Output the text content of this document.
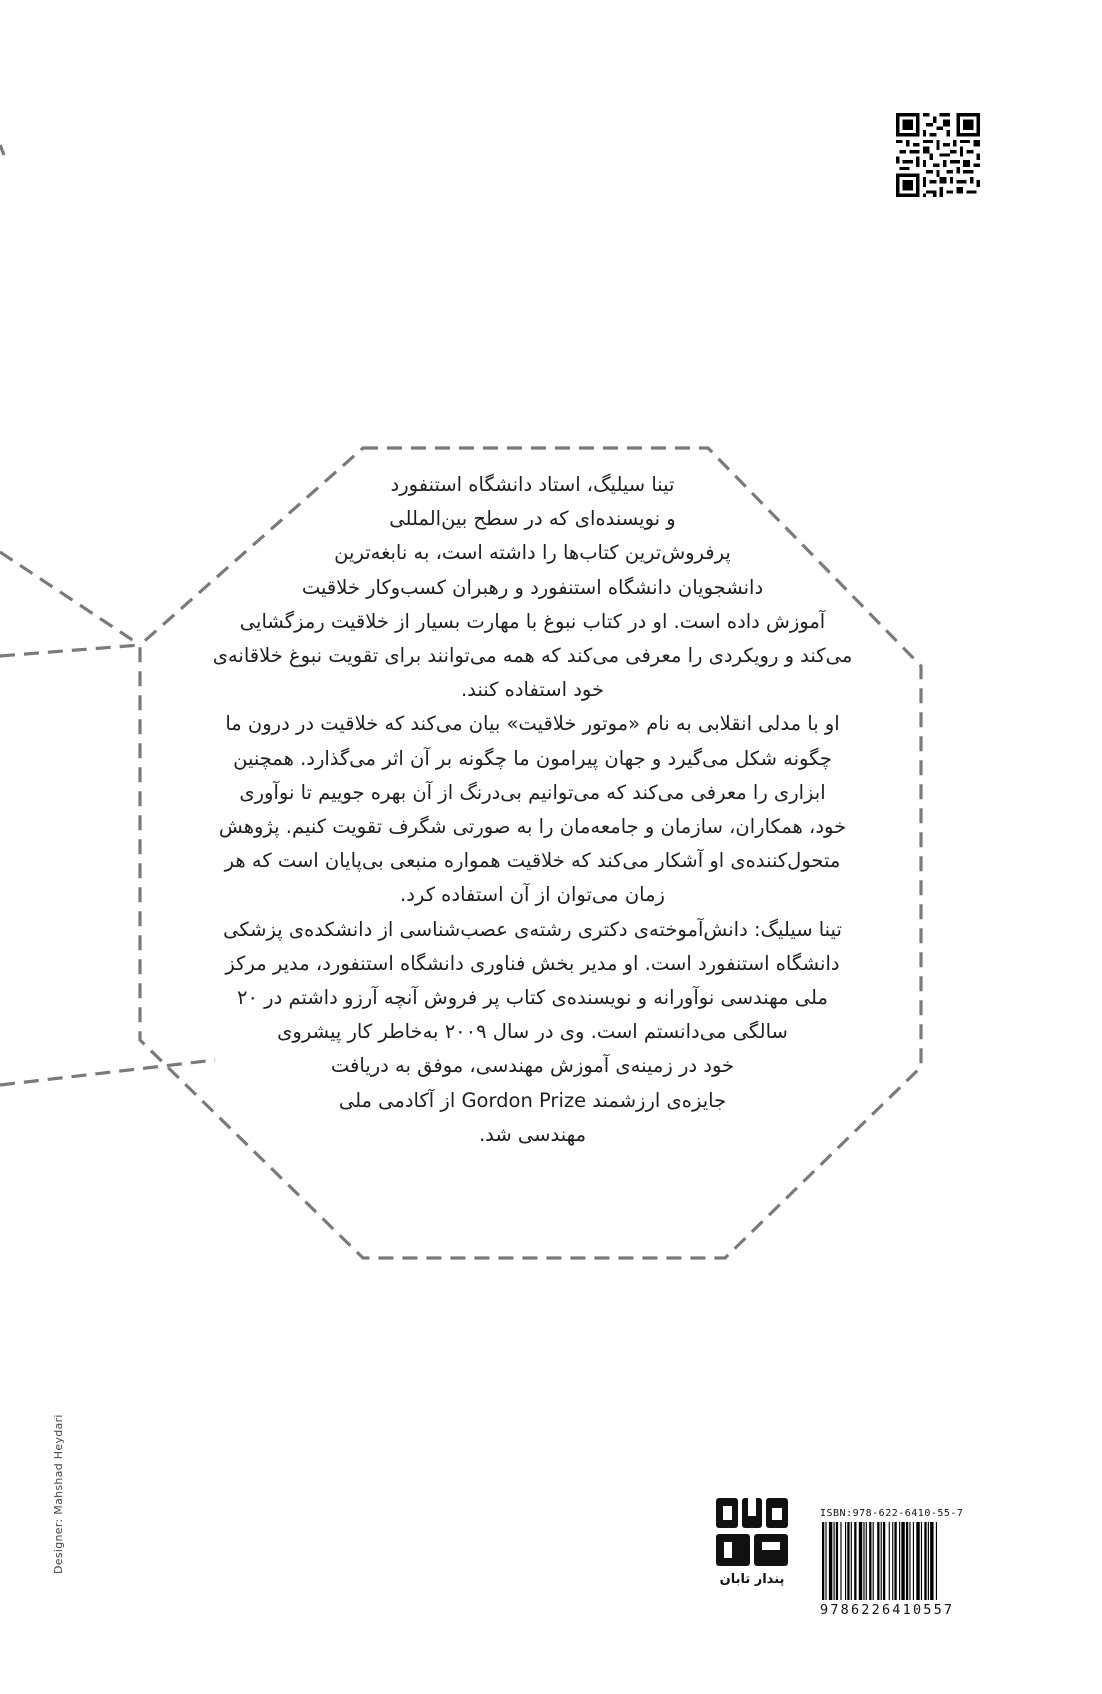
تینا سیلیگ، استاد دانشگاه استنفورد
و نویسنده‌ای که در سطح بین‌المللی
پرفروش‌ترین کتاب‌ها را داشته است، به نابغه‌ترین
دانشجویان دانشگاه استنفورد و رهبران کسب‌وکار خلاقیت
آموزش داده است. او در کتاب نبوغ با مهارت بسیار از خلاقیت رمزگشایی
می‌کند و رویکردی را معرفی می‌کند که همه می‌توانند برای تقویت نبوغ خلاقانه‌ی
خود استفاده کنند.

او با مدلی انقلابی به نام «موتور خلاقیت» بیان می‌کند که خلاقیت در درون ما
چگونه شکل می‌گیرد و جهان پیرامون ما چگونه بر آن اثر می‌گذارد. همچنین
ابزاری را معرفی می‌کند که می‌توانیم بی‌درنگ از آن بهره جوییم تا نوآوری
خود، همکاران، سازمان و جامعه‌مان را به صورتی شگرف تقویت کنیم. پژوهش
متحول‌کننده‌ی او آشکار می‌کند که خلاقیت همواره منبعی بی‌پایان است که هر
زمان می‌توان از آن استفاده کرد.

تینا سیلیگ: دانش‌آموخته‌ی دکتری رشته‌ی عصب‌شناسی از دانشکده‌ی پزشکی
دانشگاه استنفورد است. او مدیر بخش فناوری دانشگاه استنفورد، مدیر مرکز
ملی مهندسی نوآورانه و نویسنده‌ی کتاب پر فروش آنچه آرزو داشتم در ۲۰
سالگی می‌دانستم است. وی در سال ۲۰۰۹ به‌خاطر کار پیشروی
خود در زمینه‌ی آموزش مهندسی، موفق به دریافت
جایزه‌ی ارزشمند Gordon Prize از آکادمی ملی
مهندسی شد.

Designer: Mahshad Heydari
پندار تابان
ISBN:978-622-6410-55-7
9786226410557
